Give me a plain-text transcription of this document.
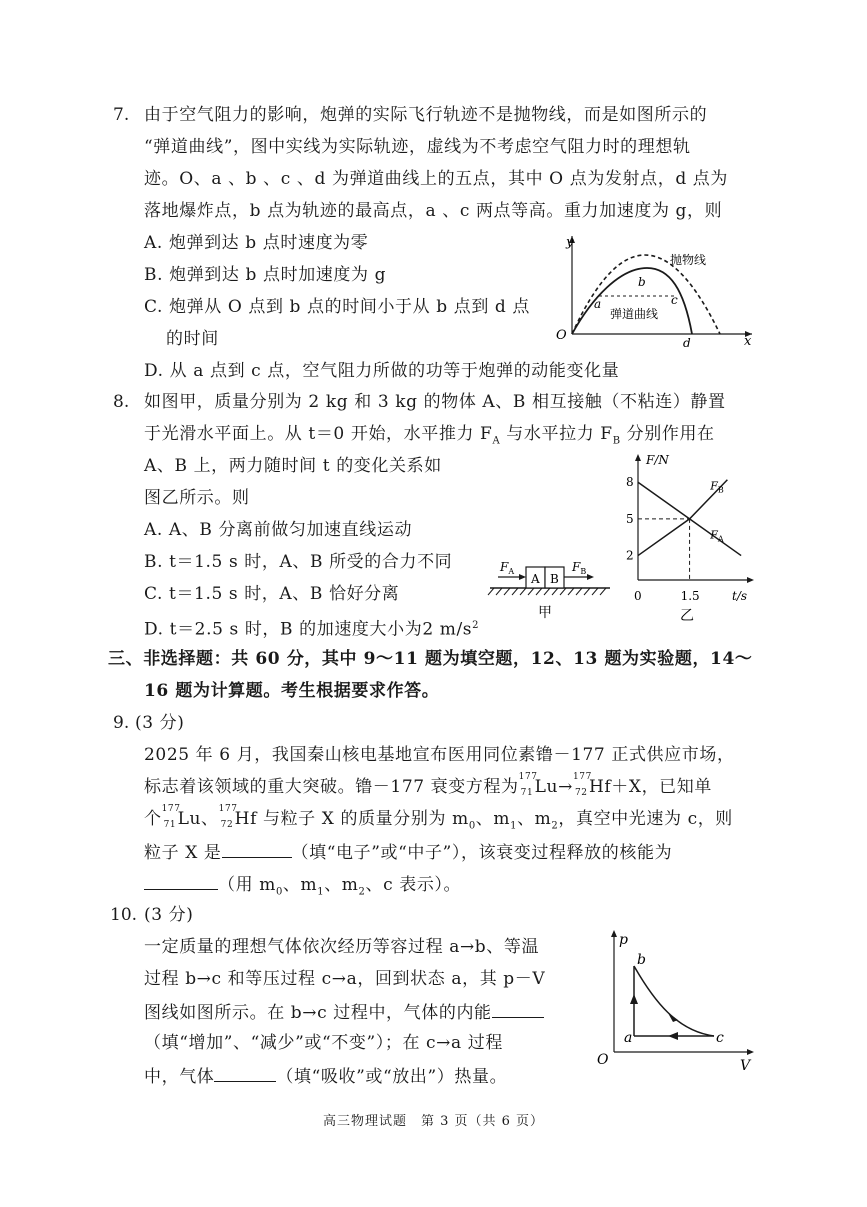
7. 由于空气阻力的影响，炮弹的实际飞行轨迹不是抛物线，而是如图所示的
“弹道曲线”，图中实线为实际轨迹，虚线为不考虑空气阻力时的理想轨
迹。O、a 、b 、c 、d 为弹道曲线上的五点，其中 O 点为发射点，d 点为
落地爆炸点，b 点为轨迹的最高点，a 、c 两点等高。重力加速度为 g，则
A. 炮弹到达 b 点时速度为零
B. 炮弹到达 b 点时加速度为 g
C. 炮弹从 O 点到 b 点的时间小于从 b 点到 d 点
的时间
D. 从 a 点到 c 点，空气阻力所做的功等于炮弹的动能变化量
y
x
O
抛物线
弹道曲线
a
b
c
d
8. 如图甲，质量分别为 2 kg 和 3 kg 的物体 A、B 相互接触（不粘连）静置
于光滑水平面上。从 t＝0 开始，水平推力 $F_A$ 与水平拉力 $F_B$ 分别作用在
A、B 上，两力随时间 t 的变化关系如
图乙所示。则
A. A、B 分离前做匀加速直线运动
B. t＝1.5 s 时，A、B 所受的合力不同
C. t＝1.5 s 时，A、B 恰好分离
D. t＝2.5 s 时，B 的加速度大小为2 $m/s^2$
A B
$F_A$	$F_B$
甲
F/N
t/s
乙
2
5
8
0	1.5
$F_B$
$F_A$
三、非选择题：共 60 分，其中 9～11 题为填空题，12、13 题为实验题，14～
16 题为计算题。考生根据要求作答。
9. (3 分)
2025 年 6 月，我国秦山核电基地宣布医用同位素镥－177 正式供应市场，
标志着该领域的重大突破。镥－177 衰变方程为 177
71 Lu→ 177
72 Hf＋X，已知单
个 177
71 Lu、 177
72 Hf 与粒子 X 的质量分别为 $m_0$、$m_1$、$m_2$，真空中光速为 c，则
粒子 X 是	（填“电子”或“中子”），该衰变过程释放的核能为
（用 $m_0$、$m_1$、$m_2$、c 表示）。
10. (3 分)
一定质量的理想气体依次经历等容过程 a→b、等温
过程 b→c 和等压过程 c→a，回到状态 a，其 p－V
图线如图所示。在 b→c 过程中，气体的内能
（填“增加”、“减少”或“不变”）；在 c→a 过程
中，气体	（填“吸收”或“放出”）热量。
p
V
O
a
b
c
高三物理试题　第 3 页（共 6 页）
